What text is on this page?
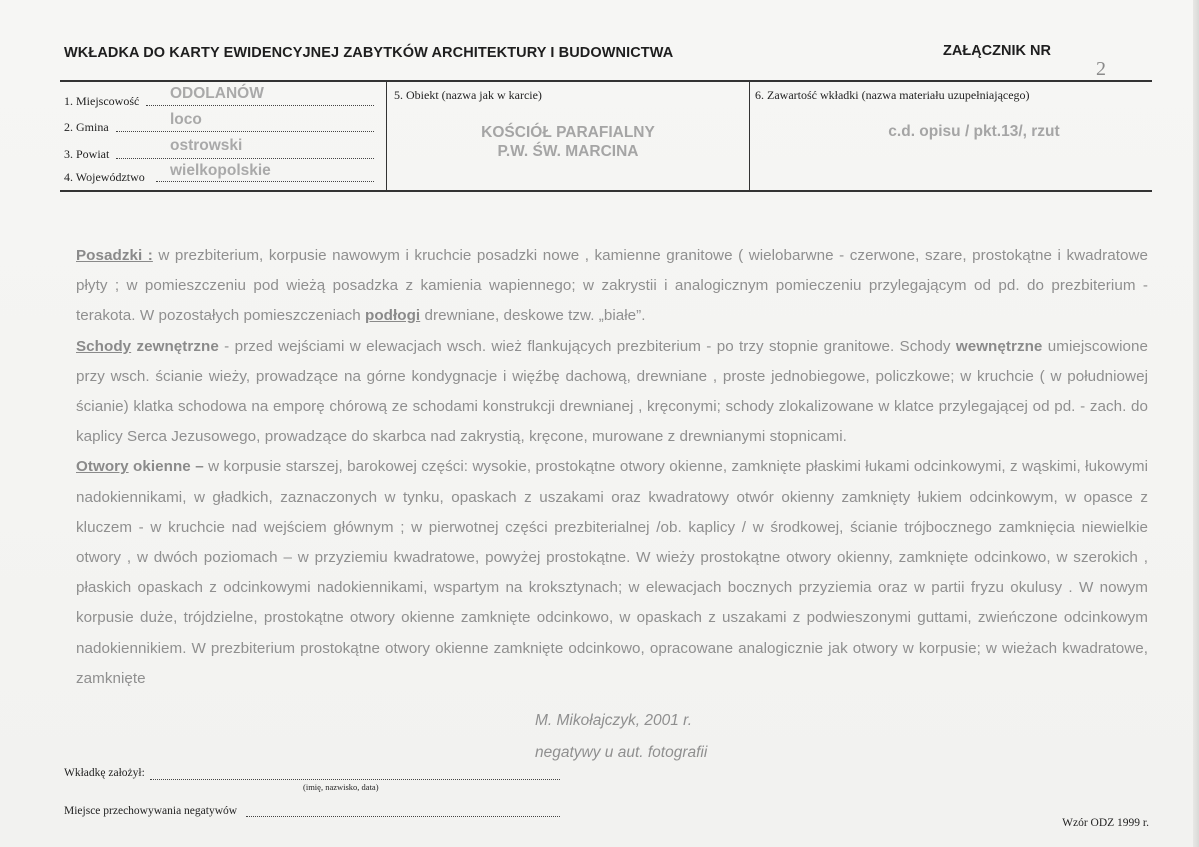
WKŁADKA DO KARTY EWIDENCYJNEJ ZABYTKÓW ARCHITEKTURY I BUDOWNICTWA	ZAŁĄCZNIK NR
2
1. Miejscowość ODOLANÓW
2. Gmina	loco
3. Powiat	ostrowski
4. Województwo wielkopolskie
5. Obiekt (nazwa jak w karcie)
KOŚCIÓŁ PARAFIALNY
P.W. ŚW. MARCINA
6. Zawartość wkładki (nazwa materiału uzupełniającego)
c.d. opisu / pkt.13/, rzut

Posadzki : w prezbiterium, korpusie nawowym i kruchcie posadzki nowe , kamienne granitowe ( wielobarwne - czerwone, szare, prostokątne i kwadratowe płyty ; w pomieszczeniu pod wieżą posadzka z kamienia wapiennego; w zakrystii i analogicznym pomieczeniu przylegającym od pd. do prezbiterium - terakota. W pozostałych pomieszczeniach podłogi drewniane, deskowe tzw. „białe”.

Schody zewnętrzne - przed wejściami w elewacjach wsch. wież flankujących prezbiterium - po trzy stopnie granitowe. Schody wewnętrzne umiejscowione przy wsch. ścianie wieży, prowadzące na górne kondygnacje i więźbę dachową, drewniane , proste jednobiegowe, policzkowe; w kruchcie ( w południowej ścianie) klatka schodowa na emporę chórową ze schodami konstrukcji drewnianej , kręconymi; schody zlokalizowane w klatce przylegającej od pd. - zach. do kaplicy Serca Jezusowego, prowadzące do skarbca nad zakrystią, kręcone, murowane z drewnianymi stopnicami.

Otwory okienne – w korpusie starszej, barokowej części: wysokie, prostokątne otwory okienne, zamknięte płaskimi łukami odcinkowymi, z wąskimi, łukowymi nadokiennikami, w gładkich, zaznaczonych w tynku, opaskach z uszakami oraz kwadratowy otwór okienny zamknięty łukiem odcinkowym, w opasce z kluczem - w kruchcie nad wejściem głównym ; w pierwotnej części prezbiterialnej /ob. kaplicy / w środkowej, ścianie trójbocznego zamknięcia niewielkie otwory , w dwóch poziomach – w przyziemiu kwadratowe, powyżej prostokątne. W wieży prostokątne otwory okienny, zamknięte odcinkowo, w szerokich , płaskich opaskach z odcinkowymi nadokiennikami, wspartym na kroksztynach; w elewacjach bocznych przyziemia oraz w partii fryzu okulusy . W nowym korpusie duże, trójdzielne, prostokątne otwory okienne zamknięte odcinkowo, w opaskach z uszakami z podwieszonymi guttami, zwieńczone odcinkowym nadokiennikiem. W prezbiterium prostokątne otwory okienne zamknięte odcinkowo, opracowane analogicznie jak otwory w korpusie; w wieżach kwadratowe, zamknięte

M. Mikołajczyk, 2001 r.
negatywy u aut. fotografii
Wkładkę założył:
(imię, nazwisko, data)
Miejsce przechowywania negatywów
Wzór ODZ 1999 r.
